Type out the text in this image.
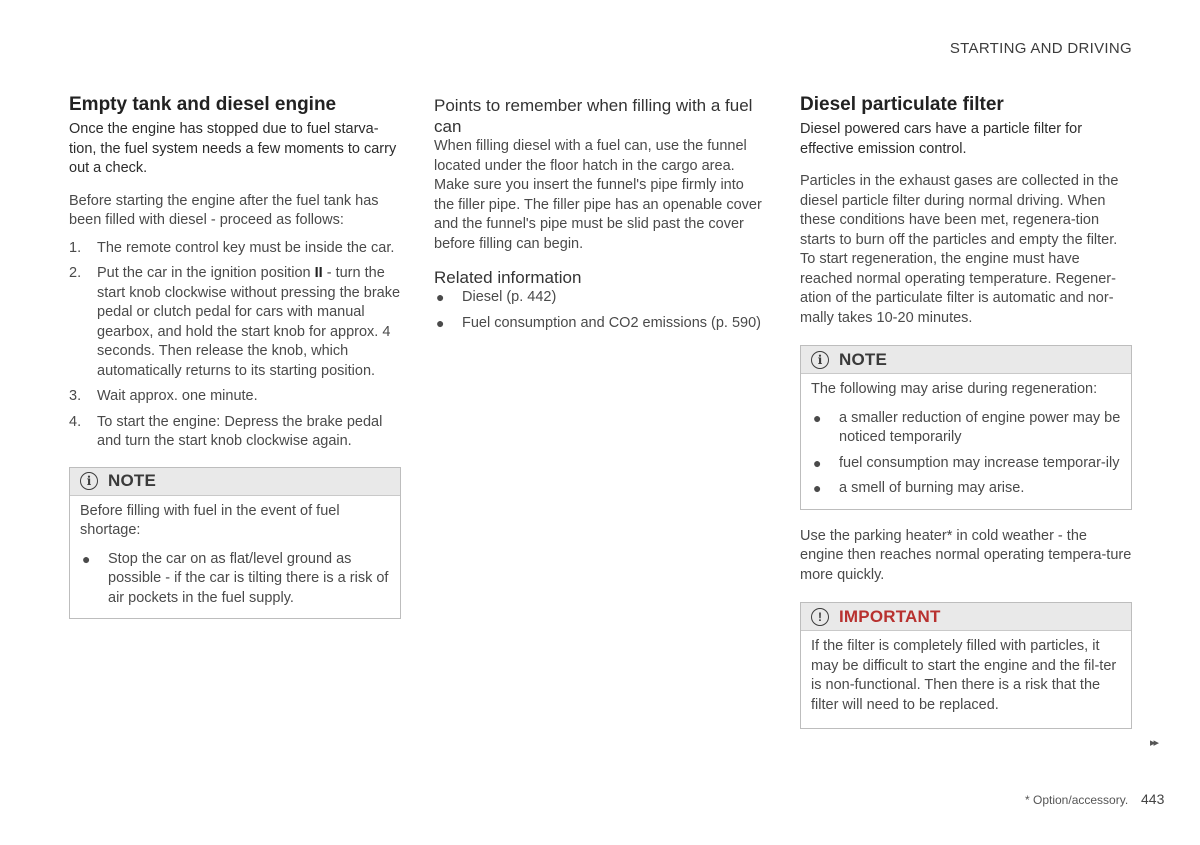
STARTING AND DRIVING
Empty tank and diesel engine

Once the engine has stopped due to fuel starva-tion, the fuel system needs a few moments to carry out a check.

Before starting the engine after the fuel tank has been filled with diesel - proceed as follows:

1. The remote control key must be inside the car.
2. Put the car in the ignition position II - turn the start knob clockwise without pressing the brake pedal or clutch pedal for cars with manual gearbox, and hold the start knob for approx. 4 seconds. Then release the knob, which automatically returns to its starting position.
3. Wait approx. one minute.
4. To start the engine: Depress the brake pedal and turn the start knob clockwise again.
i NOTE

Before filling with fuel in the event of fuel shortage:

● Stop the car on as flat/level ground as possible - if the car is tilting there is a risk of air pockets in the fuel supply.
Points to remember when filling with a fuel can

When filling diesel with a fuel can, use the funnel located under the floor hatch in the cargo area. Make sure you insert the funnel's pipe firmly into the filler pipe. The filler pipe has an openable cover and the funnel's pipe must be slid past the cover before filling can begin.

Related information
● Diesel (p. 442)
● Fuel consumption and CO2 emissions (p. 590)
Diesel particulate filter

Diesel powered cars have a particle filter for effective emission control.

Particles in the exhaust gases are collected in the diesel particle filter during normal driving. When these conditions have been met, regenera-tion starts to burn off the particles and empty the filter. To start regeneration, the engine must have reached normal operating temperature. Regener-ation of the particulate filter is automatic and nor-mally takes 10-20 minutes.

i NOTE

The following may arise during regeneration:

● a smaller reduction of engine power may be noticed temporarily
● fuel consumption may increase temporar-ily
● a smell of burning may arise.

Use the parking heater* in cold weather - the engine then reaches normal operating tempera-ture more quickly.

!	IMPORTANT

If the filter is completely filled with particles, it may be difficult to start the engine and the fil-ter is non-functional. Then there is a risk that the filter will need to be replaced.

▸▸
* Option/accessory. 443
